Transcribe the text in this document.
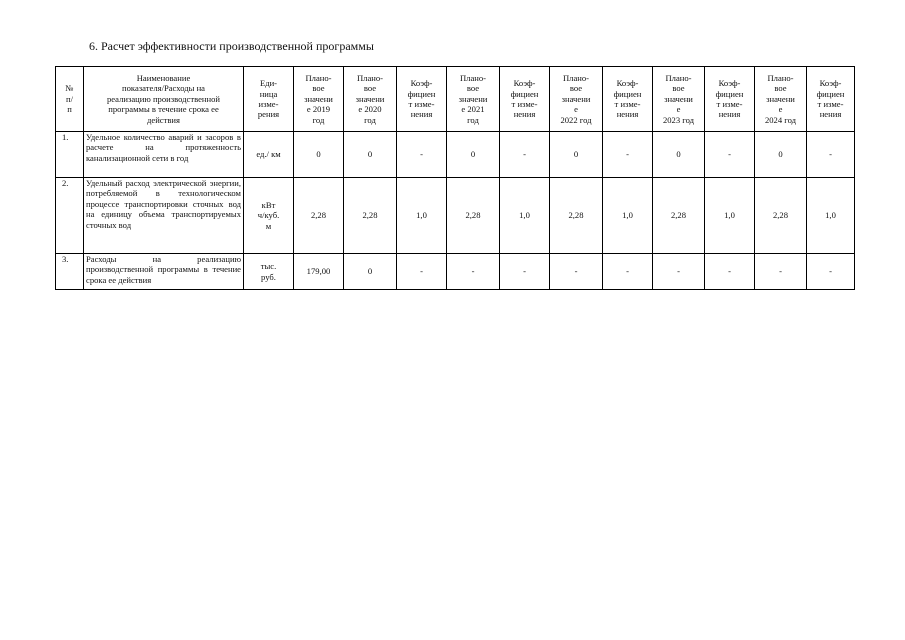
6. Расчет эффективности производственной программы
№
п/
п	Наименование
показателя/Расходы на
реализацию производственной
программы в течение срока ее
действия	Еди-
ница
изме-
рения	Плано-
вое
значени
е 2019
год	Плано-
вое
значени
е 2020
год	Коэф-
фициен
т изме-
нения	Плано-
вое
значени
е 2021
год	Коэф-
фициен
т изме-
нения	Плано-
вое
значени
е
2022 год	Коэф-
фициен
т изме-
нения	Плано-
вое
значени
е
2023 год	Коэф-
фициен
т изме-
нения	Плано-
вое
значени
е
2024 год	Коэф-
фициен
т изме-
нения
1.	Удельное количество аварий и засоров в расчете на протяженность канализационной сети в год	ед./ км	0	0	-	0	-	0	-	0	-	0	-
2.	Удельный расход электрической энергии, потребляемой в технологическом процессе транспортировки сточных вод на единицу объема транспортируемых сточных вод	кВт
ч/куб.
м	2,28	2,28	1,0	2,28	1,0	2,28	1,0	2,28	1,0	2,28	1,0
3.	Расходы на реализацию производственной программы в течение срока ее действия	тыс.
руб.	179,00	0	-	-	-	-	-	-	-	-	-
